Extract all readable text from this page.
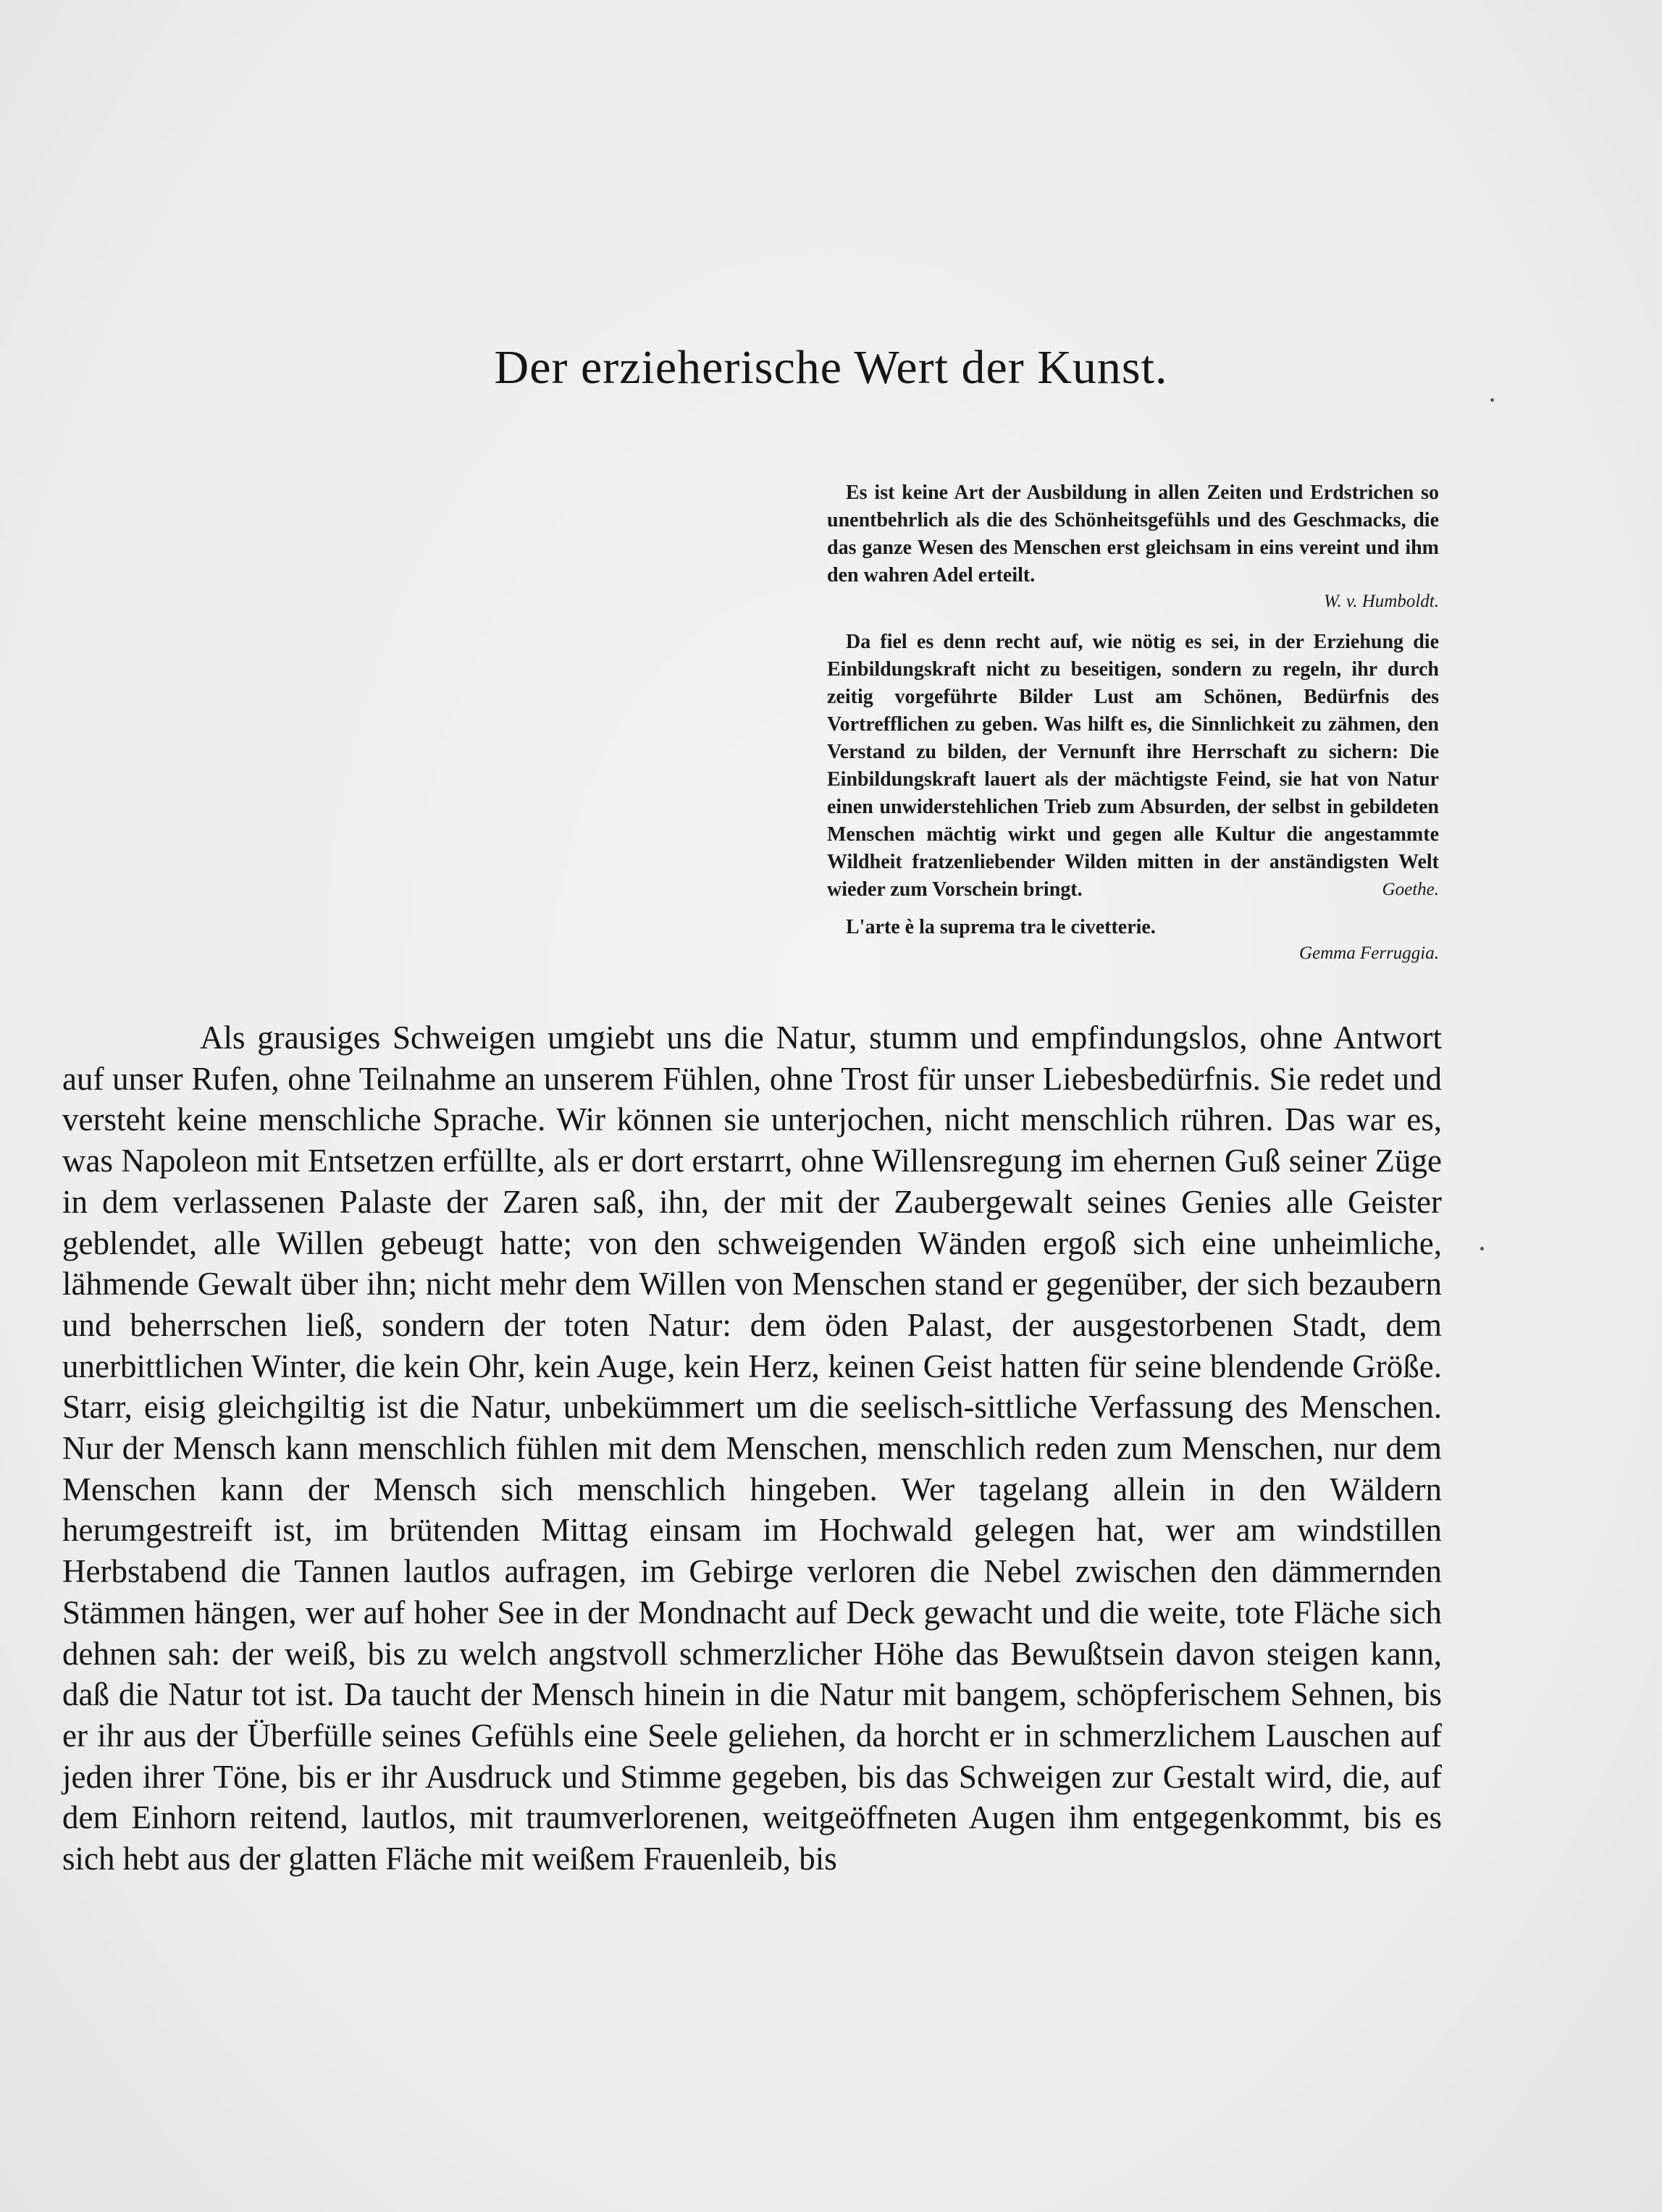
Der erzieherische Wert der Kunst.
Es ist keine Art der Ausbildung in allen Zeiten und Erdstrichen so unentbehrlich als die des Schönheitsgefühls und des Geschmacks, die das ganze Wesen des Menschen erst gleichsam in eins vereint und ihm den wahren Adel erteilt.
W. v. Humboldt.
Da fiel es denn recht auf, wie nötig es sei, in der Erziehung die Einbildungskraft nicht zu beseitigen, sondern zu regeln, ihr durch zeitig vorgeführte Bilder Lust am Schönen, Bedürfnis des Vortrefflichen zu geben. Was hilft es, die Sinnlichkeit zu zähmen, den Verstand zu bilden, der Vernunft ihre Herrschaft zu sichern: Die Einbildungskraft lauert als der mächtigste Feind, sie hat von Natur einen unwiderstehlichen Trieb zum Absurden, der selbst in gebildeten Menschen mächtig wirkt und gegen alle Kultur die angestammte Wildheit fratzenliebender Wilden mitten in der anständigsten Welt wieder zum Vorschein bringt.	Goethe.
L'arte è la suprema tra le civetterie.
Gemma Ferruggia.

Als grausiges Schweigen umgiebt uns die Natur, stumm und empfindungslos, ohne Antwort auf unser Rufen, ohne Teilnahme an unserem Fühlen, ohne Trost für unser Liebesbedürfnis. Sie redet und versteht keine menschliche Sprache. Wir können sie unterjochen, nicht menschlich rühren. Das war es, was Napoleon mit Entsetzen erfüllte, als er dort erstarrt, ohne Willensregung im ehernen Guß seiner Züge in dem verlassenen Palaste der Zaren saß, ihn, der mit der Zaubergewalt seines Genies alle Geister geblendet, alle Willen gebeugt hatte; von den schweigenden Wänden ergoß sich eine unheimliche, lähmende Gewalt über ihn; nicht mehr dem Willen von Menschen stand er gegenüber, der sich bezaubern und beherrschen ließ, sondern der toten Natur: dem öden Palast, der ausgestorbenen Stadt, dem unerbittlichen Winter, die kein Ohr, kein Auge, kein Herz, keinen Geist hatten für seine blendende Größe. Starr, eisig gleichgiltig ist die Natur, unbekümmert um die seelisch-sittliche Verfassung des Menschen. Nur der Mensch kann menschlich fühlen mit dem Menschen, menschlich reden zum Menschen, nur dem Menschen kann der Mensch sich menschlich hingeben. Wer tagelang allein in den Wäldern herumgestreift ist, im brütenden Mittag einsam im Hochwald gelegen hat, wer am windstillen Herbstabend die Tannen lautlos aufragen, im Gebirge verloren die Nebel zwischen den dämmernden Stämmen hängen, wer auf hoher See in der Mondnacht auf Deck gewacht und die weite, tote Fläche sich dehnen sah: der weiß, bis zu welch angstvoll schmerzlicher Höhe das Bewußtsein davon steigen kann, daß die Natur tot ist. Da taucht der Mensch hinein in die Natur mit bangem, schöpferischem Sehnen, bis er ihr aus der Überfülle seines Gefühls eine Seele geliehen, da horcht er in schmerzlichem Lauschen auf jeden ihrer Töne, bis er ihr Ausdruck und Stimme gegeben, bis das Schweigen zur Gestalt wird, die, auf dem Einhorn reitend, lautlos, mit traumverlorenen, weitgeöffneten Augen ihm entgegenkommt, bis es sich hebt aus der glatten Fläche mit weißem Frauenleib, bis
